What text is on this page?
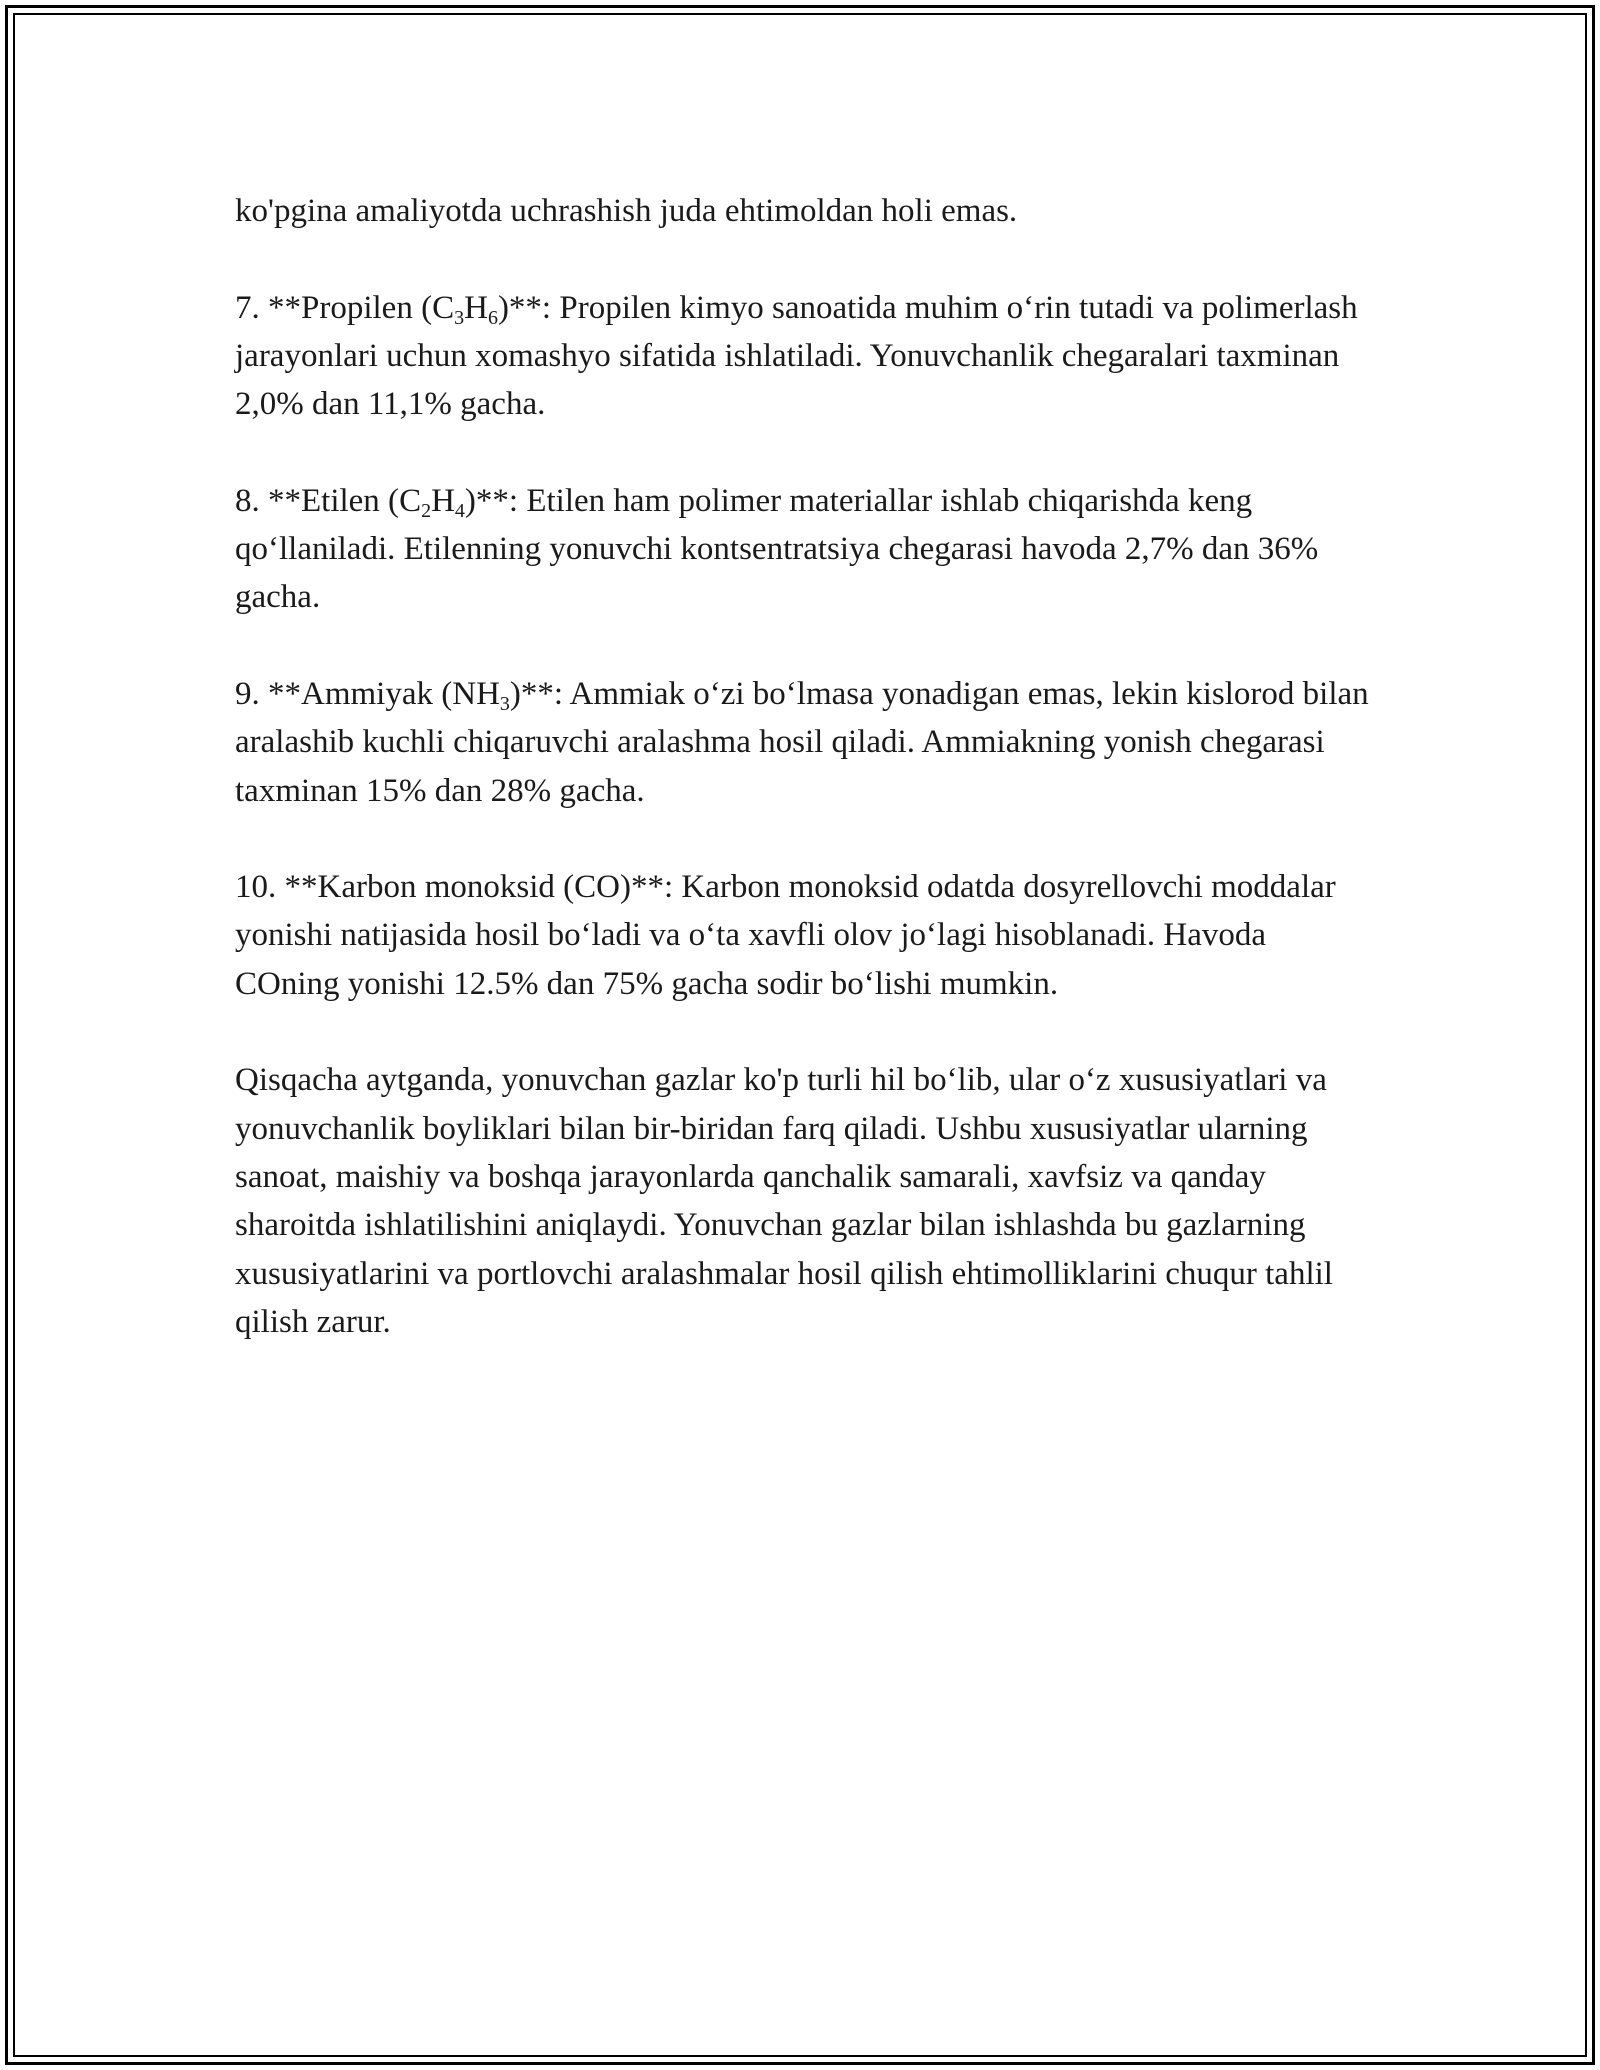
ko'pgina amaliyotda uchrashish juda ehtimoldan holi emas.

7. **Propilen $(C_3H_6)**$: Propilen kimyo sanoatida muhim o‘rin tutadi va polimerlash jarayonlari uchun xomashyo sifatida ishlatiladi. Yonuvchanlik chegaralari taxminan 2,0% dan 11,1% gacha.

8. **Etilen $(C_2H_4)**$: Etilen ham polimer materiallar ishlab chiqarishda keng qo‘llaniladi. Etilenning yonuvchi kontsentratsiya chegarasi havoda 2,7% dan 36% gacha.

9. **Ammiyak $(NH_3)**$: Ammiak o‘zi bo‘lmasa yonadigan emas, lekin kislorod bilan aralashib kuchli chiqaruvchi aralashma hosil qiladi. Ammiakning yonish chegarasi taxminan 15% dan 28% gacha.

10. **Karbon monoksid (CO)**: Karbon monoksid odatda dosyrellovchi moddalar yonishi natijasida hosil bo‘ladi va o‘ta xavfli olov jo‘lagi hisoblanadi. Havoda COning yonishi 12.5% dan 75% gacha sodir bo‘lishi mumkin.

Qisqacha aytganda, yonuvchan gazlar ko'p turli hil bo‘lib, ular o‘z xususiyatlari va yonuvchanlik boyliklari bilan bir-biridan farq qiladi. Ushbu xususiyatlar ularning sanoat, maishiy va boshqa jarayonlarda qanchalik samarali, xavfsiz va qanday sharoitda ishlatilishini aniqlaydi. Yonuvchan gazlar bilan ishlashda bu gazlarning xususiyatlarini va portlovchi aralashmalar hosil qilish ehtimolliklarini chuqur tahlil qilish zarur.
